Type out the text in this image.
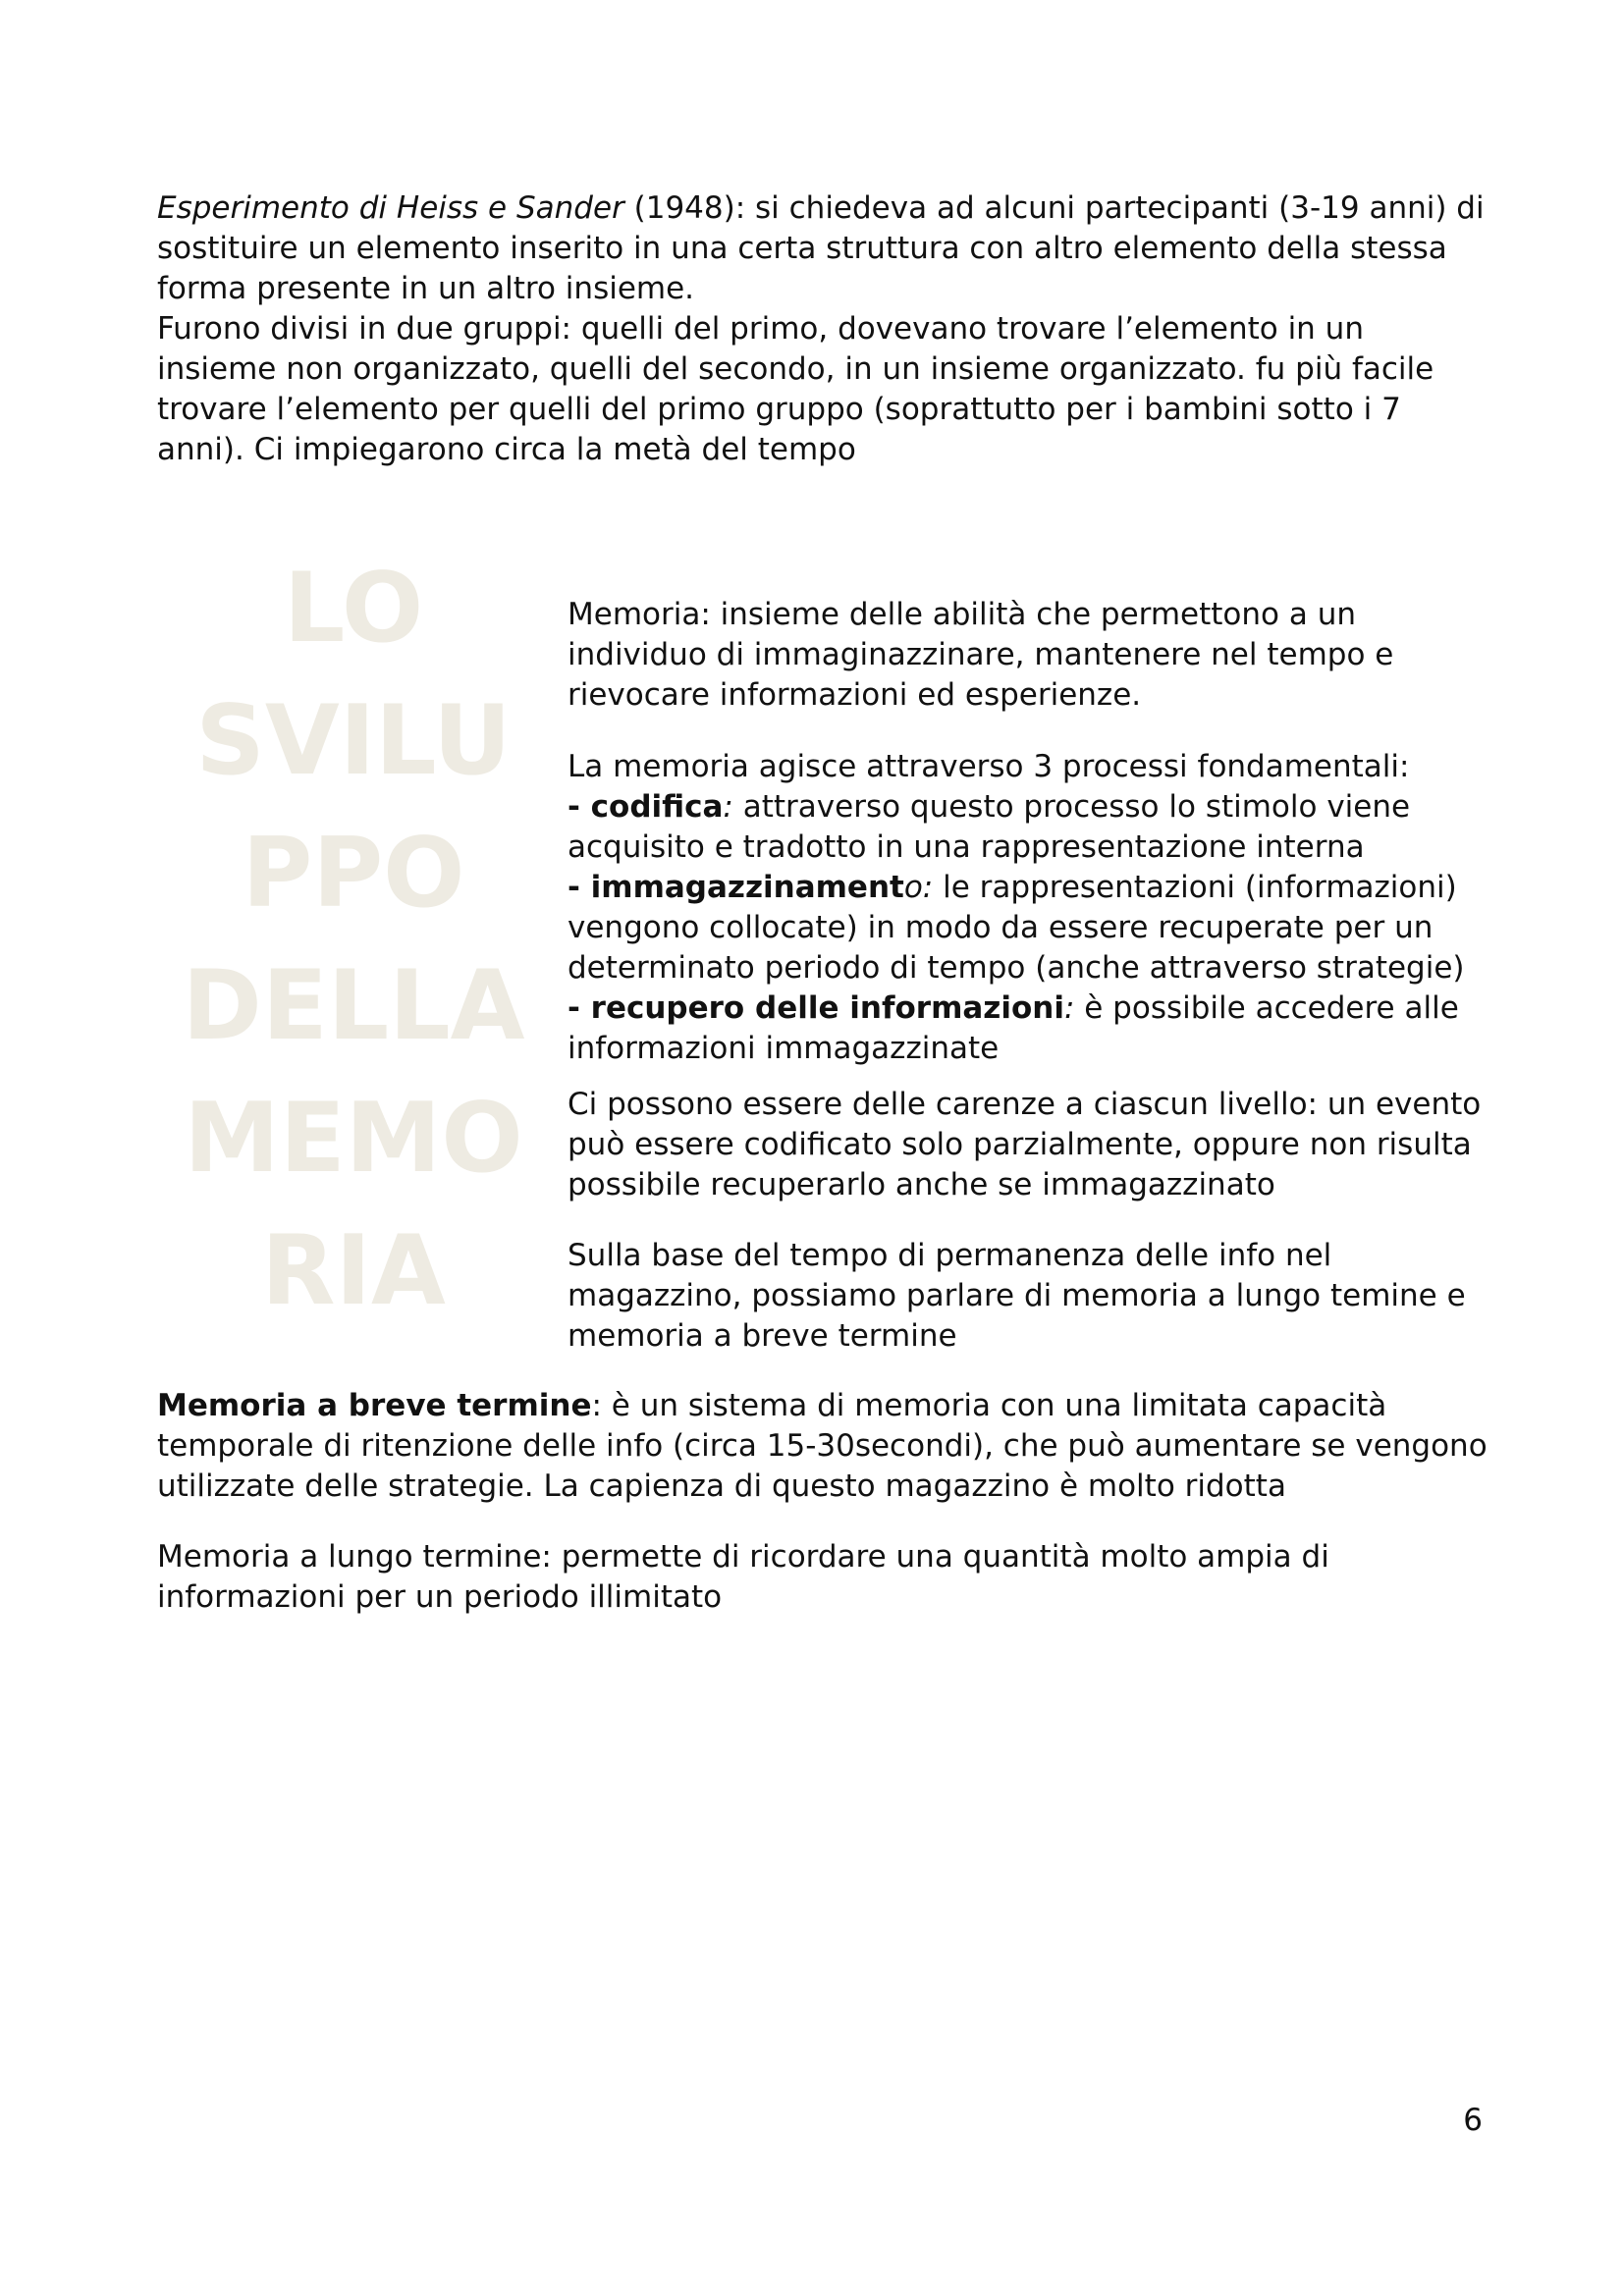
Esperimento di Heiss e Sander (1948): si chiedeva ad alcuni partecipanti (3-19 anni) di sostituire un elemento inserito in una certa struttura con altro elemento della stessa forma presente in un altro insieme.
Furono divisi in due gruppi: quelli del primo, dovevano trovare l’elemento in un insieme non organizzato, quelli del secondo, in un insieme organizzato. fu più facile trovare l’elemento per quelli del primo gruppo (soprattutto per i bambini sotto i 7 anni). Ci impiegarono circa la metà del tempo

LO
SVILU
PPO
DELLA
MEMO
RIA

Memoria: insieme delle abilità che permettono a un individuo di immaginazzinare, mantenere nel tempo e rievocare informazioni ed esperienze.

La memoria agisce attraverso 3 processi fondamentali:
- codifica: attraverso questo processo lo stimolo viene acquisito e tradotto in una rappresentazione interna
- immagazzinamento: le rappresentazioni (informazioni) vengono collocate) in modo da essere recuperate per un determinato periodo di tempo (anche attraverso strategie)
- recupero delle informazioni: è possibile accedere alle informazioni immagazzinate

Ci possono essere delle carenze a ciascun livello: un evento può essere codificato solo parzialmente, oppure non risulta possibile recuperarlo anche se immagazzinato

Sulla base del tempo di permanenza delle info nel magazzino, possiamo parlare di memoria a lungo temine e memoria a breve termine

Memoria a breve termine: è un sistema di memoria con una limitata capacità temporale di ritenzione delle info (circa 15-30secondi), che può aumentare se vengono utilizzate delle strategie. La capienza di questo magazzino è molto ridotta

Memoria a lungo termine: permette di ricordare una quantità molto ampia di informazioni per un periodo illimitato

6
